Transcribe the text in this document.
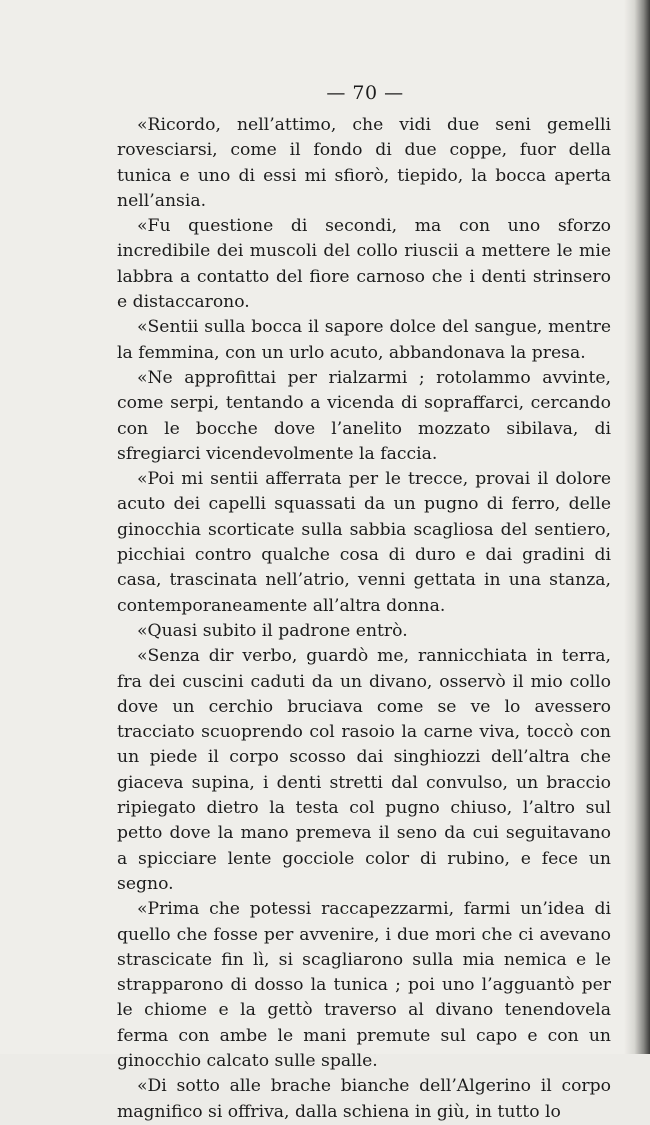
— 70 —

«Ricordo, nell’attimo, che vidi due seni gemelli rovesciarsi, come il fondo di due coppe, fuor della tunica e uno di essi mi sfiorò, tiepido, la bocca aperta nell’ansia.

«Fu questione di secondi, ma con uno sforzo incredibile dei muscoli del collo riuscii a mettere le mie labbra a contatto del fiore carnoso che i denti strinsero e distaccarono.

«Sentii sulla bocca il sapore dolce del sangue, mentre la femmina, con un urlo acuto, abbandonava la presa.

«Ne approfittai per rialzarmi ; rotolammo avvinte, come serpi, tentando a vicenda di sopraffarci, cercando con le bocche dove l’anelito mozzato sibilava, di sfregiarci vicendevolmente la faccia.

«Poi mi sentii afferrata per le trecce, provai il dolore acuto dei capelli squassati da un pugno di ferro, delle ginocchia scorticate sulla sabbia scagliosa del sentiero, picchiai contro qualche cosa di duro e dai gradini di casa, trascinata nell’atrio, venni gettata in una stanza, contemporaneamente all’altra donna.

«Quasi subito il padrone entrò.

«Senza dir verbo, guardò me, rannicchiata in terra, fra dei cuscini caduti da un divano, osservò il mio collo dove un cerchio bruciava come se ve lo avessero tracciato scuoprendo col rasoio la carne viva, toccò con un piede il corpo scosso dai singhiozzi dell’altra che giaceva supina, i denti stretti dal convulso, un braccio ripiegato dietro la testa col pugno chiuso, l’altro sul petto dove la mano premeva il seno da cui seguitavano a spicciare lente gocciole color di rubino, e fece un segno.

«Prima che potessi raccapezzarmi, farmi un’idea di quello che fosse per avvenire, i due mori che ci avevano strascicate fin lì, si scagliarono sulla mia nemica e le strapparono di dosso la tunica ; poi uno l’agguantò per le chiome e la gettò traverso al divano tenendovela ferma con ambe le mani premute sul capo e con un ginocchio calcato sulle spalle.

«Di sotto alle brache bianche dell’Algerino il corpo magnifico si offriva, dalla schiena in giù, in tutto lo
